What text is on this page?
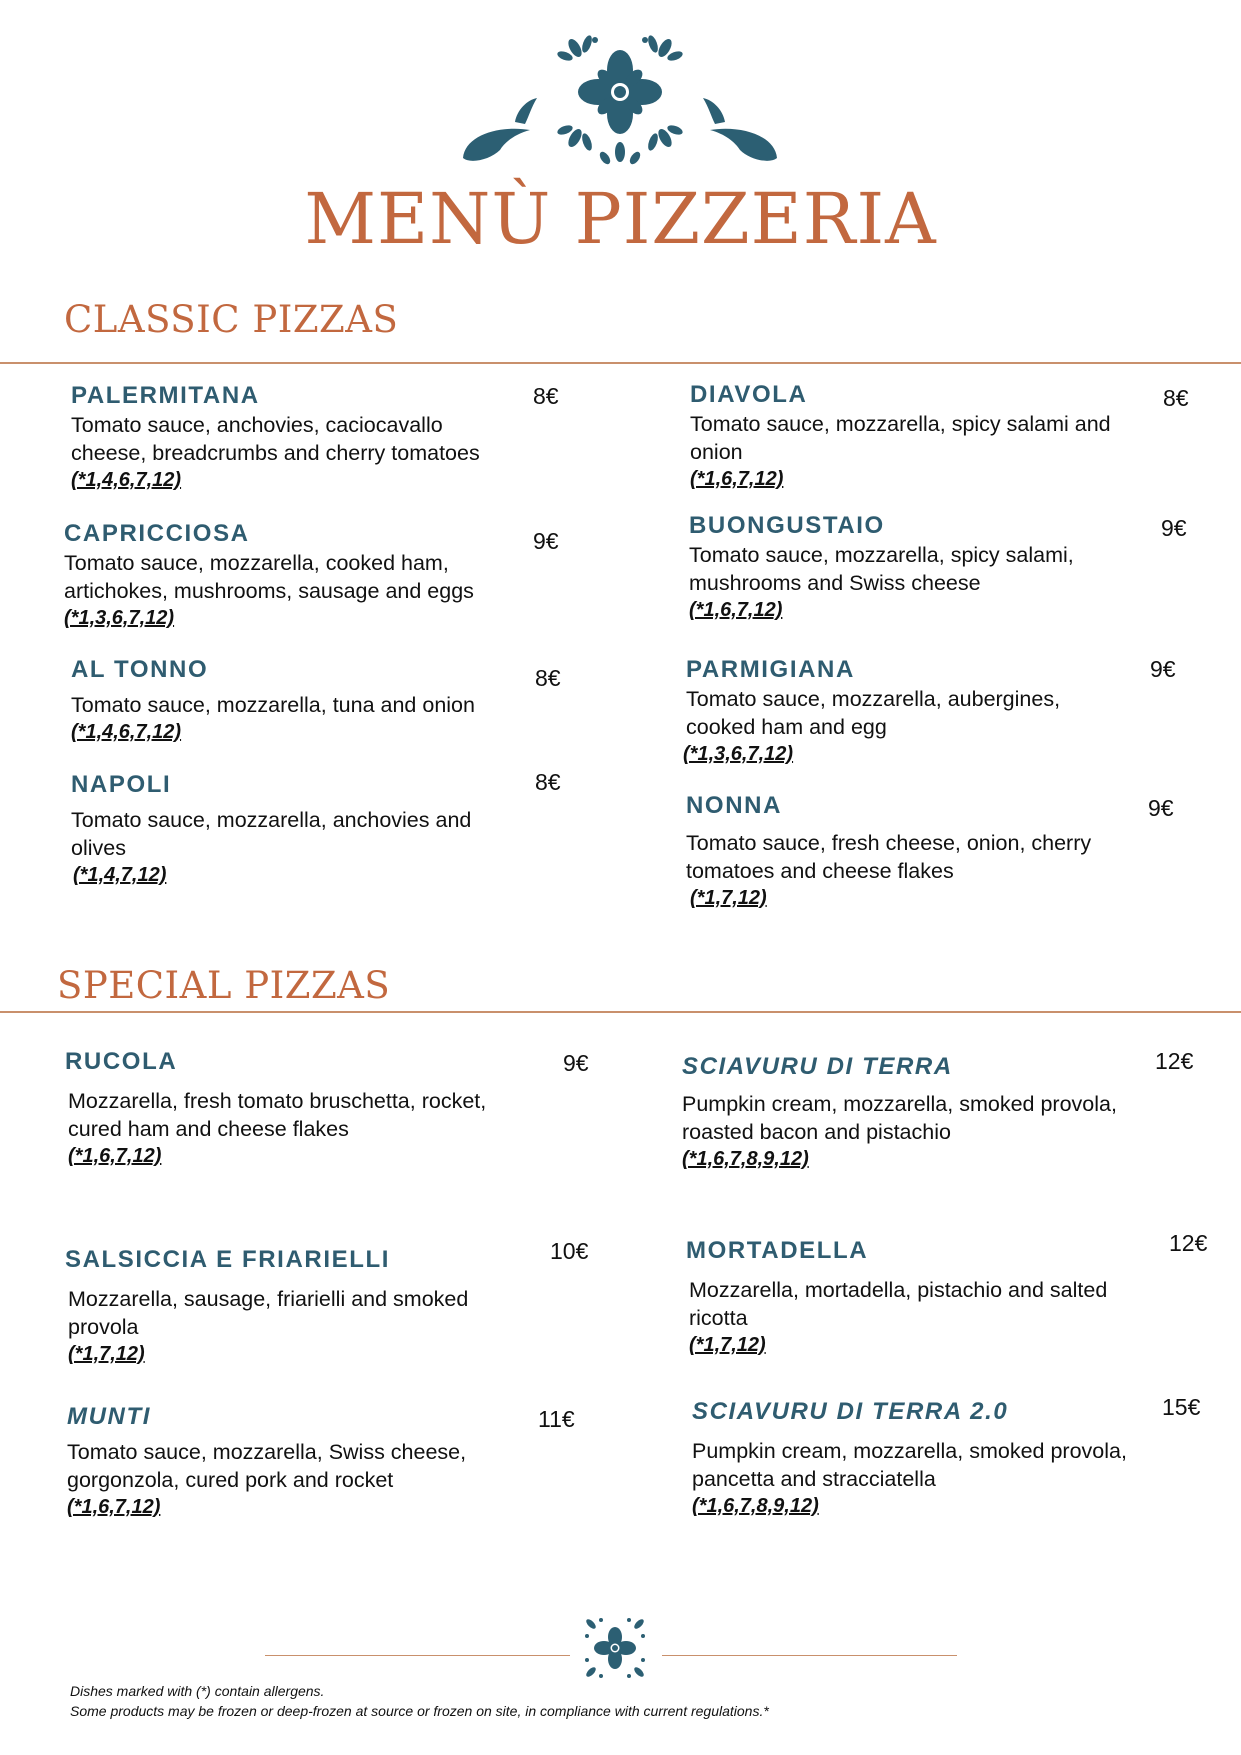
MENÙ PIZZERIA
CLASSIC PIZZAS
PALERMITANA

Tomato sauce, anchovies, caciocavallo cheese, breadcrumbs and cherry tomatoes

(*1,4,6,7,12)

8€
CAPRICCIOSA

Tomato sauce, mozzarella, cooked ham, artichokes, mushrooms, sausage and eggs

(*1,3,6,7,12)

9€
AL TONNO

Tomato sauce, mozzarella, tuna and onion

(*1,4,6,7,12)

8€
NAPOLI

Tomato sauce, mozzarella, anchovies and olives

(*1,4,7,12)

8€
DIAVOLA

Tomato sauce, mozzarella, spicy salami and onion

(*1,6,7,12)

8€
BUONGUSTAIO

Tomato sauce, mozzarella, spicy salami, mushrooms and Swiss cheese

(*1,6,7,12)

9€
PARMIGIANA

Tomato sauce, mozzarella, aubergines, cooked ham and egg

(*1,3,6,7,12)

9€
NONNA

Tomato sauce, fresh cheese, onion, cherry tomatoes and cheese flakes

(*1,7,12)

9€
SPECIAL PIZZAS
RUCOLA

Mozzarella, fresh tomato bruschetta, rocket, cured ham and cheese flakes

(*1,6,7,12)

9€
SALSICCIA E FRIARIELLI

Mozzarella, sausage, friarielli and smoked provola

(*1,7,12)

10€
MUNTI

Tomato sauce, mozzarella, Swiss cheese, gorgonzola, cured pork and rocket

(*1,6,7,12)

11€
SCIAVURU DI TERRA

Pumpkin cream, mozzarella, smoked provola, roasted bacon and pistachio

(*1,6,7,8,9,12)

12€
MORTADELLA

Mozzarella, mortadella, pistachio and salted ricotta

(*1,7,12)

12€
SCIAVURU DI TERRA 2.0

Pumpkin cream, mozzarella, smoked provola, pancetta and stracciatella

(*1,6,7,8,9,12)

15€

Dishes marked with (*) contain allergens.

Some products may be frozen or deep-frozen at source or frozen on site, in compliance with current regulations.*
